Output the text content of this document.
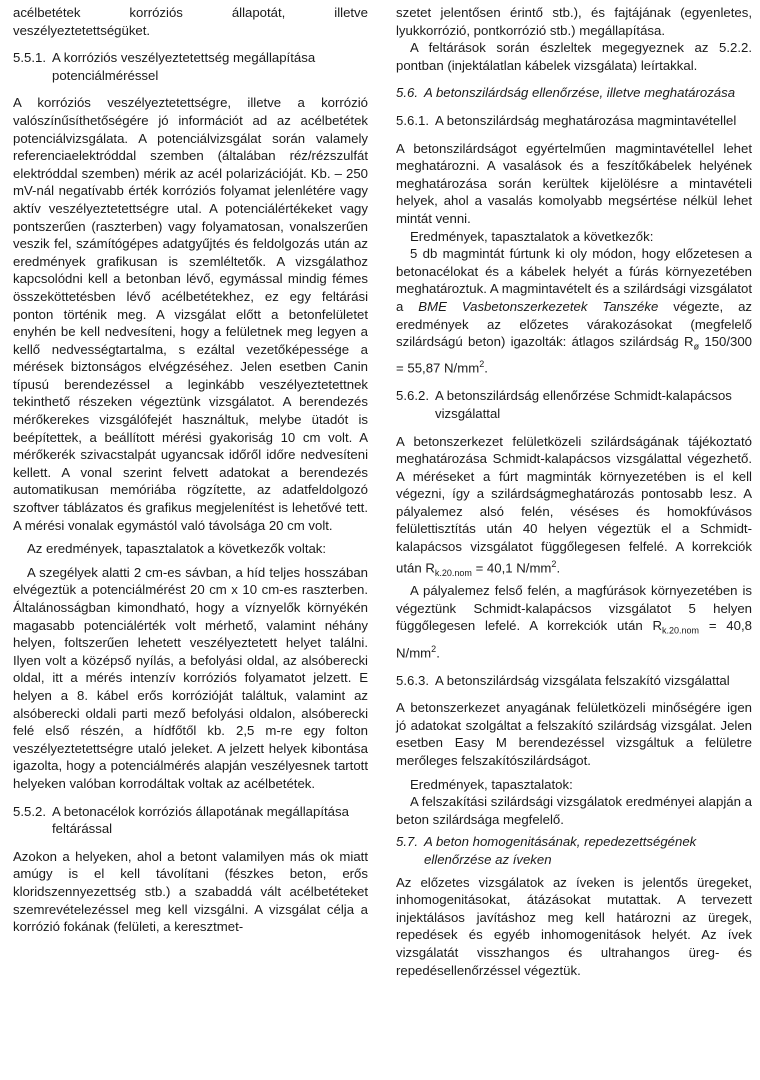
acélbetétek korróziós állapotát, illetve veszélyeztetettségüket.

5.5.1. A korróziós veszélyeztetettség megállapítása potenciálméréssel

A korróziós veszélyeztetettségre, illetve a korrózió valószínűsíthetőségére jó információt ad az acélbetétek potenciálvizsgálata. A potenciálvizsgálat során valamely referenciaelektróddal szemben (általában réz/rézszulfát elektróddal szemben) mérik az acél polarizációját. Kb. – 250 mV-nál negatívabb érték korróziós folyamat jelenlétére vagy aktív veszélyeztetettségre utal. A potenciálértékeket vagy pontszerűen (raszterben) vagy folyamatosan, vonalszerűen veszik fel, számítógépes adatgyűjtés és feldolgozás után az eredmények grafikusan is szemléltetők. A vizsgálathoz kapcsolódni kell a betonban lévő, egymással mindig fémes összeköttetésben lévő acélbetétekhez, ez egy feltárási ponton történik meg. A vizsgálat előtt a betonfelületet enyhén be kell nedvesíteni, hogy a felületnek meg legyen a kellő nedvességtartalma, s ezáltal vezetőképessége a mérések biztonságos elvégzéséhez. Jelen esetben Canin típusú berendezéssel a leginkább veszélyeztetettnek tekinthető részeken végeztünk vizsgálatot. A berendezés mérőkerekes vizsgálófejét használtuk, melybe ütadót is beépítettek, a beállított mérési gyakoriság 10 cm volt. A mérőkerék szivacstalpát ugyancsak időről időre nedvesíteni kellett. A vonal szerint felvett adatokat a berendezés automatikusan memóriába rögzítette, az adatfeldolgozó szoftver táblázatos és grafikus megjelenítést is lehetővé tett. A mérési vonalak egymástól való távolsága 20 cm volt.

Az eredmények, tapasztalatok a következők voltak:

A szegélyek alatti 2 cm-es sávban, a híd teljes hosszában elvégeztük a potenciálmérést 20 cm x 10 cm-es raszterben. Általánosságban kimondható, hogy a víznyelők környékén magasabb potenciálérték volt mérhető, valamint néhány helyen, foltszerűen lehetett veszélyeztetett helyet találni. Ilyen volt a középső nyílás, a befolyási oldal, az alsóberecki oldal, itt a mérés intenzív korróziós folyamatot jelzett. E helyen a 8. kábel erős korrózióját találtuk, valamint az alsóberecki oldali parti mező befolyási oldalon, alsóberecki felé első részén, a hídfőtől kb. 2,5 m-re egy folton veszélyeztetettségre utaló jeleket. A jelzett helyek kibontása igazolta, hogy a potenciálmérés alapján veszélyesnek tartott helyeken valóban korrodáltak voltak az acélbetétek.

5.5.2. A betonacélok korróziós állapotának megállapítása feltárással

Azokon a helyeken, ahol a betont valamilyen más ok miatt amúgy is el kell távolítani (fészkes beton, erős kloridszennyezettség stb.) a szabaddá vált acélbetéteket szemrevételezéssel meg kell vizsgálni. A vizsgálat célja a korrózió fokának (felületi, a keresztmet-

szetet jelentősen érintő stb.), és fajtájának (egyenletes, lyukkorrózió, pontkorrózió stb.) megállapítása.

A feltárások során észleltek megegyeznek az 5.2.2. pontban (injektálatlan kábelek vizsgálata) leírtakkal.

5.6. A betonszilárdság ellenőrzése, illetve meghatározása
5.6.1. A betonszilárdság meghatározása magmintavétellel

A betonszilárdságot egyértelműen magmintavétellel lehet meghatározni. A vasalások és a feszítőkábelek helyének meghatározása során kerültek kijelölésre a mintavételi helyek, ahol a vasalás komolyabb megsértése nélkül lehet mintát venni.

Eredmények, tapasztalatok a következők:

5 db magmintát fúrtunk ki oly módon, hogy előzetesen a betonacélokat és a kábelek helyét a fúrás környezetében meghatároztuk. A magmintavételt és a szilárdsági vizsgálatot a BME Vasbetonszerkezetek Tanszéke végezte, az eredmények az előzetes várakozásokat (megfelelő szilárdságú beton) igazolták: átlagos szilárdság $R_ø$ 150/300 = 55,87 $N/mm^2$.

5.6.2. A betonszilárdság ellenőrzése Schmidt-kalapácsos vizsgálattal

A betonszerkezet felületközeli szilárdságának tájékoztató meghatározása Schmidt-kalapácsos vizsgálattal végezhető. A méréseket a fúrt magminták környezetében is el kell végezni, így a szilárdságmeghatározás pontosabb lesz. A pályalemez alsó felén, véséses és homokfúvásos felülettisztítás után 40 helyen végeztük el a Schmidt-kalapácsos vizsgálatot függőlegesen felfelé. A korrekciók után $R_{k.20.nom} = 40,1$ $N/mm^2$.

A pályalemez felső felén, a magfúrások környezetében is végeztünk Schmidt-kalapácsos vizsgálatot 5 helyen függőlegesen lefelé. A korrekciók után $R_{k.20.nom} = 40,8$ $N/mm^2$.

5.6.3. A betonszilárdság vizsgálata felszakító vizsgálattal

A betonszerkezet anyagának felületközeli minőségére igen jó adatokat szolgáltat a felszakító szilárdság vizsgálat. Jelen esetben Easy M berendezéssel vizsgáltuk a felületre merőleges felszakítószilárdságot.

Eredmények, tapasztalatok:

A felszakítási szilárdsági vizsgálatok eredményei alapján a beton szilárdsága megfelelő.

5.7. A beton homogenitásának, repedezettségének ellenőrzése az íveken

Az előzetes vizsgálatok az íveken is jelentős üregeket, inhomogenitásokat, átázásokat mutattak. A tervezett injektálásos javításhoz meg kell határozni az üregek, repedések és egyéb inhomogenitások helyét. Az ívek vizsgálatát visszhangos és ultrahangos üreg- és repedésellenőrzéssel végeztük.
